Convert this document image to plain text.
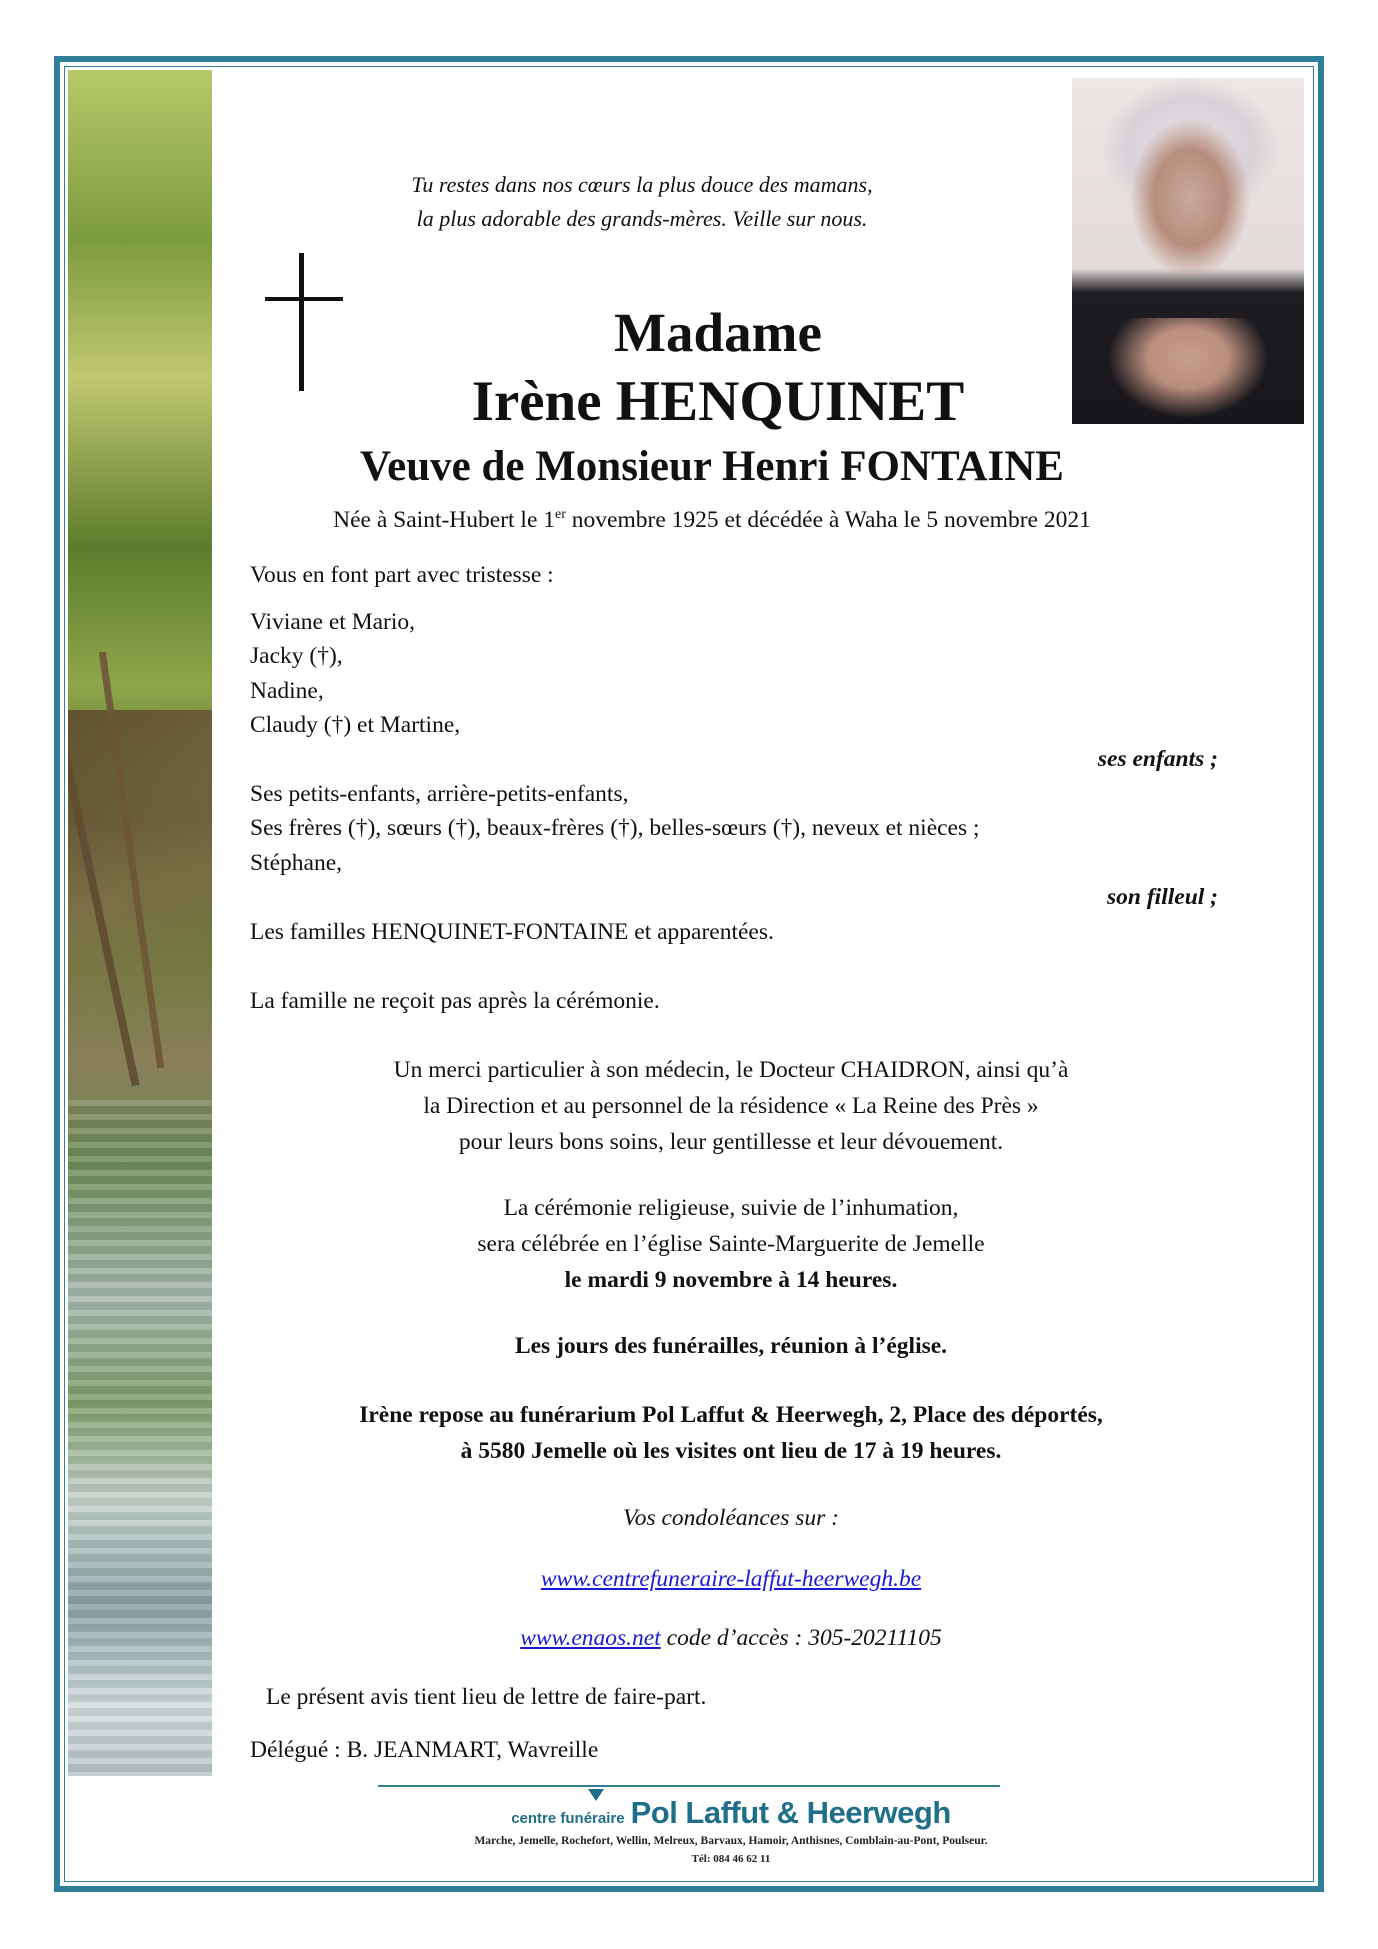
Tu restes dans nos cœurs la plus douce des mamans,
la plus adorable des grands-mères. Veille sur nous.
Madame
Irène HENQUINET
Veuve de Monsieur Henri FONTAINE
Née à Saint-Hubert le 1er novembre 1925 et décédée à Waha le 5 novembre 2021
Vous en font part avec tristesse :
Viviane et Mario,
Jacky (†),
Nadine,
Claudy (†) et Martine,
ses enfants ;
Ses petits-enfants, arrière-petits-enfants,
Ses frères (†), sœurs (†), beaux-frères (†), belles-sœurs (†), neveux et nièces ;
Stéphane,
son filleul ;
Les familles HENQUINET-FONTAINE et apparentées.
La famille ne reçoit pas après la cérémonie.
Un merci particulier à son médecin, le Docteur CHAIDRON, ainsi qu’à
la Direction et au personnel de la résidence « La Reine des Près »
pour leurs bons soins, leur gentillesse et leur dévouement.
La cérémonie religieuse, suivie de l’inhumation,
sera célébrée en l’église Sainte-Marguerite de Jemelle
le mardi 9 novembre à 14 heures.
Les jours des funérailles, réunion à l’église.
Irène repose au funérarium Pol Laffut & Heerwegh, 2, Place des déportés,
à 5580 Jemelle où les visites ont lieu de 17 à 19 heures.
Vos condoléances sur :
www.centrefuneraire-laffut-heerwegh.be
www.enaos.net code d’accès : 305-20211105
Le présent avis tient lieu de lettre de faire-part.
Délégué : B. JEANMART, Wavreille
centre funéraire Pol Laffut & Heerwegh
Marche, Jemelle, Rochefort, Wellin, Melreux, Barvaux, Hamoir, Anthisnes, Comblain-au-Pont, Poulseur.
Tél: 084 46 62 11
